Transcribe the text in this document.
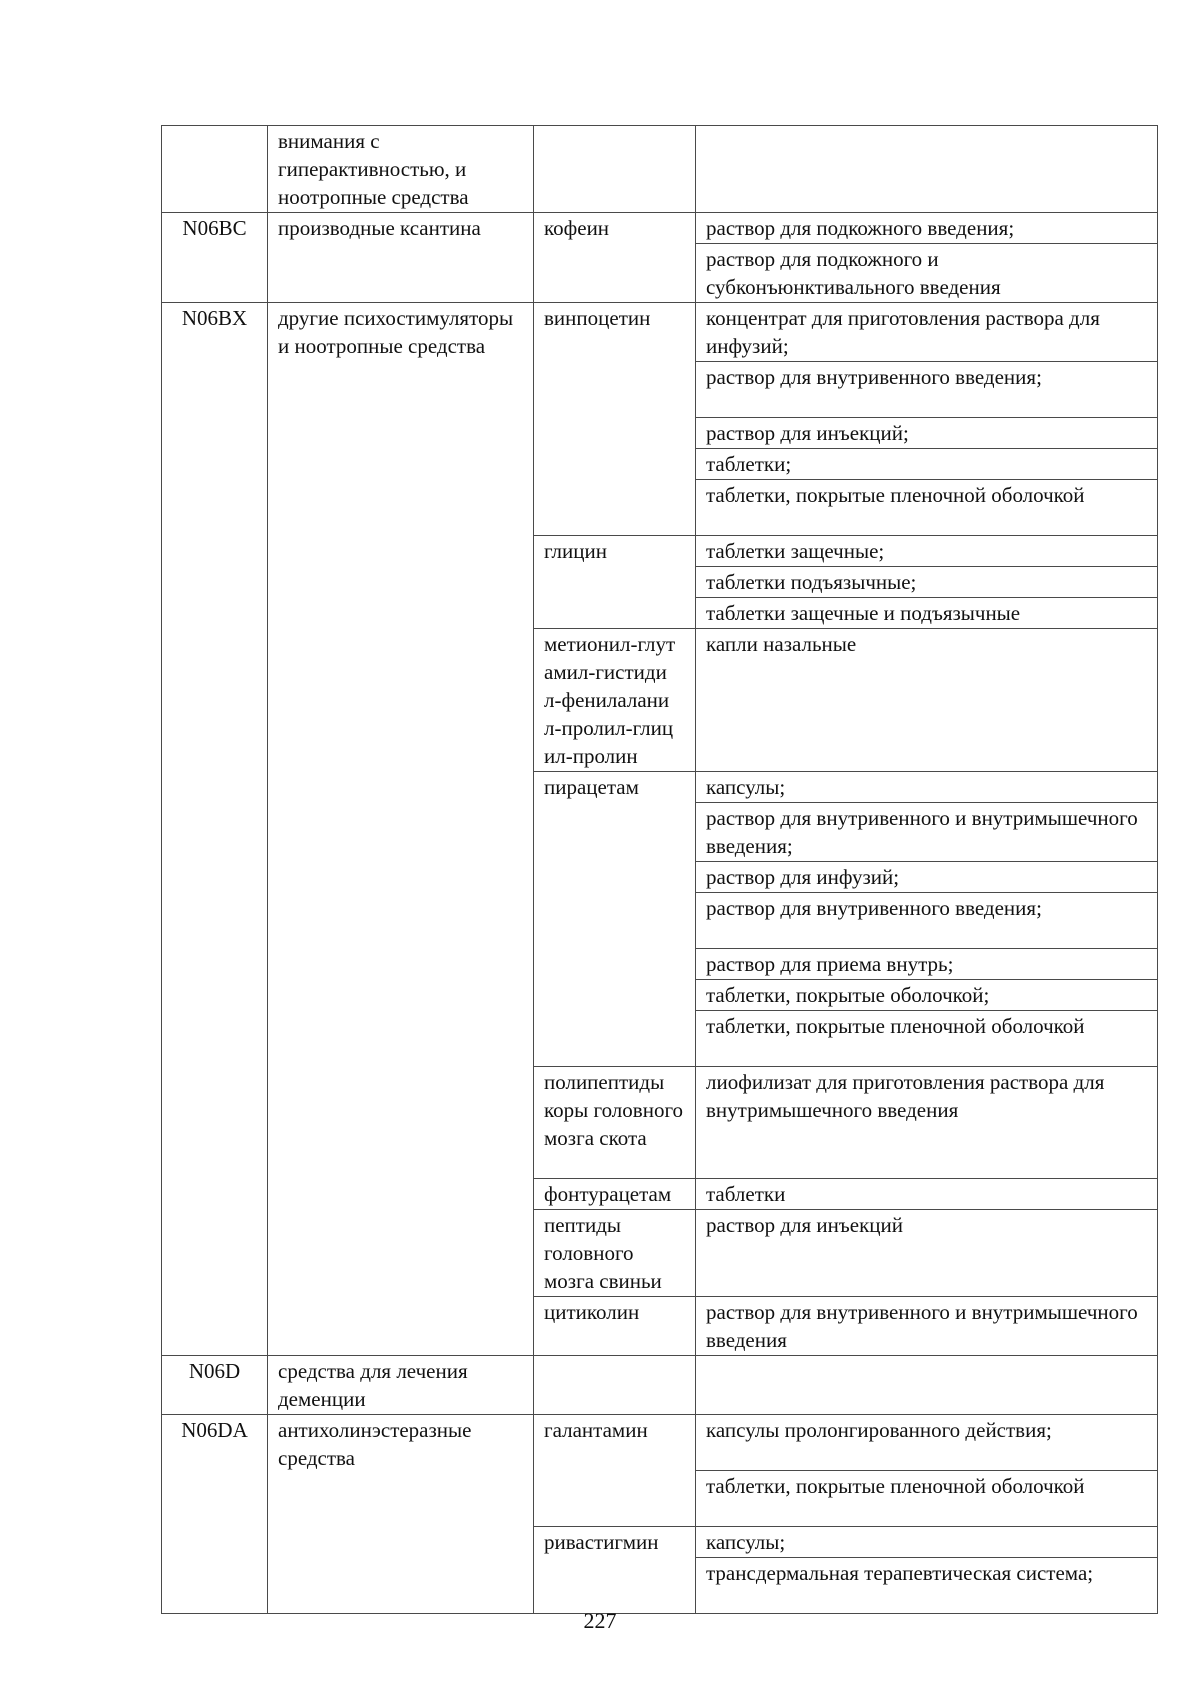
	внимания с гиперактивностью, и ноотропные средства		
N06BC	производные ксантина	кофеин	раствор для подкожного введения;
			раствор для подкожного и субконъюнктивального введения
N06BX	другие психостимуляторы и ноотропные средства	винпоцетин	концентрат для приготовления раствора для инфузий;
			раствор для внутривенного введения;
			раствор для инъекций;
			таблетки;
			таблетки, покрытые пленочной оболочкой
		глицин	таблетки защечные;
			таблетки подъязычные;
			таблетки защечные и подъязычные
		метионил-глут амил-гистиди л-фенилалани л-пролил-глиц ил-пролин	капли назальные
		пирацетам	капсулы;
			раствор для внутривенного и внутримышечного введения;
			раствор для инфузий;
			раствор для внутривенного введения;
			раствор для приема внутрь;
			таблетки, покрытые оболочкой;
			таблетки, покрытые пленочной оболочкой
		полипептиды коры головного мозга скота	лиофилизат для приготовления раствора для внутримышечного введения
		фонтурацетам	таблетки
		пептиды головного мозга свиньи	раствор для инъекций
		цитиколин	раствор для внутривенного и внутримышечного введения
N06D	средства для лечения деменции		
N06DA	антихолинэстеразные средства	галантамин	капсулы пролонгированного действия;
			таблетки, покрытые пленочной оболочкой
		ривастигмин	капсулы;
			трансдермальная терапевтическая система;
227
